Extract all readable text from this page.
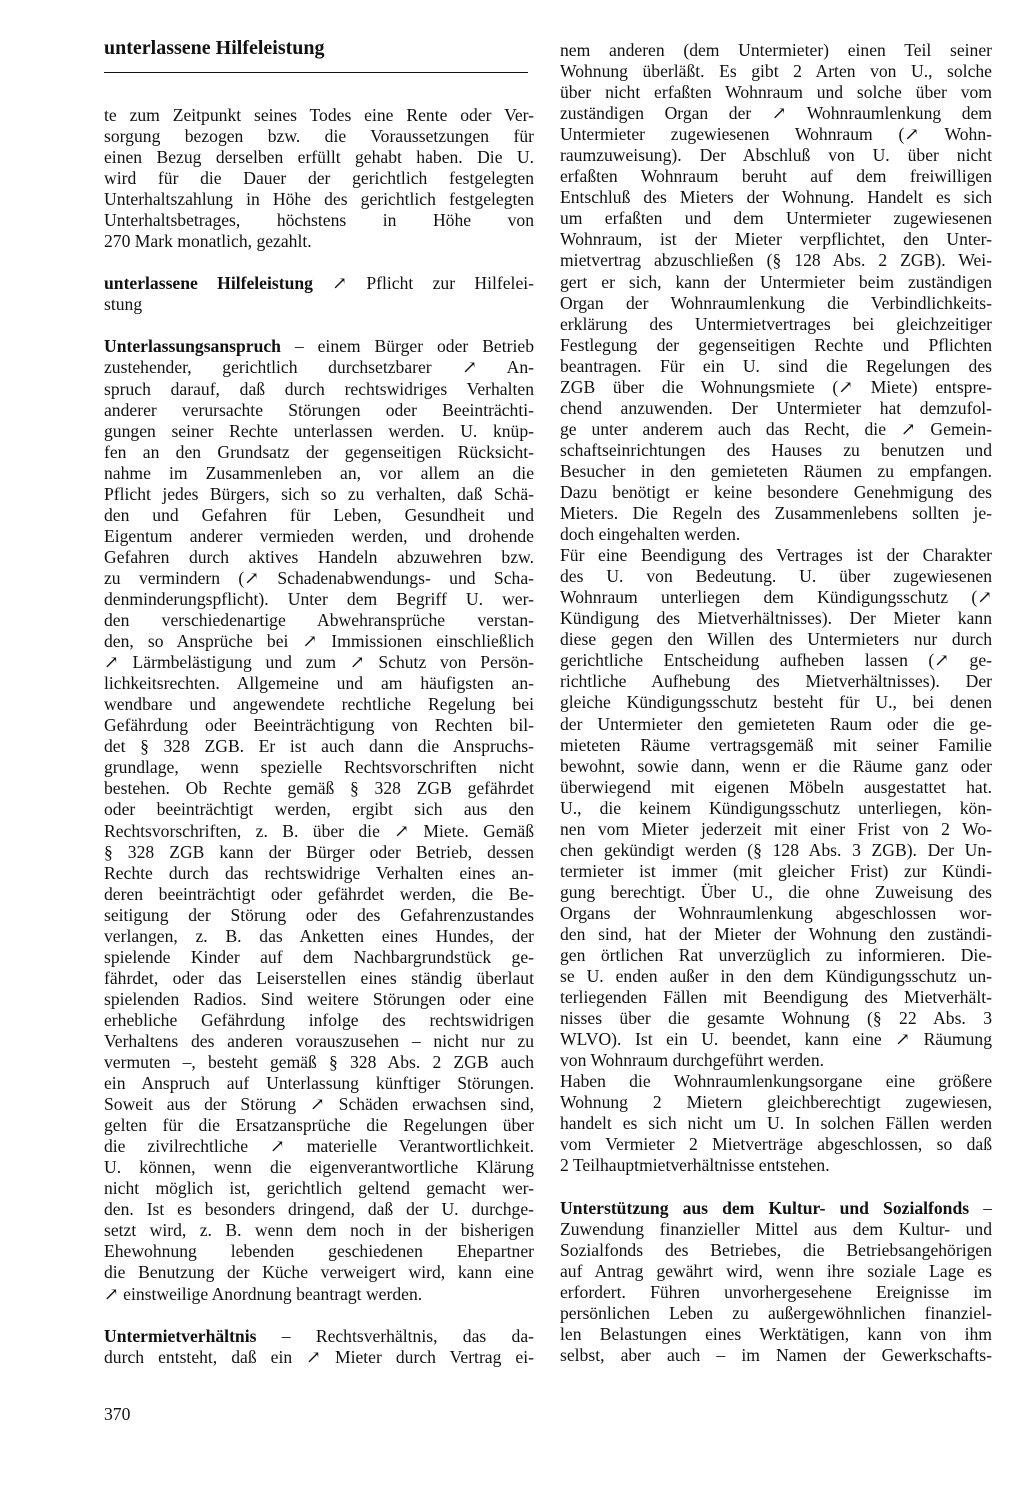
unterlassene Hilfeleistung
te zum Zeitpunkt seines Todes eine Rente oder Ver-
sorgung bezogen bzw. die Voraussetzungen für
einen Bezug derselben erfüllt gehabt haben. Die U.
wird für die Dauer der gerichtlich festgelegten
Unterhaltszahlung in Höhe des gerichtlich festgelegten
Unterhaltsbetrages, höchstens in Höhe von
270 Mark monatlich, gezahlt.
unterlassene Hilfeleistung ↗ Pflicht zur Hilfelei-
stung
Unterlassungsanspruch – einem Bürger oder Betrieb
zustehender, gerichtlich durchsetzbarer ↗ An-
spruch darauf, daß durch rechtswidriges Verhalten
anderer verursachte Störungen oder Beeinträchti-
gungen seiner Rechte unterlassen werden. U. knüp-
fen an den Grundsatz der gegenseitigen Rücksicht-
nahme im Zusammenleben an, vor allem an die
Pflicht jedes Bürgers, sich so zu verhalten, daß Schä-
den und Gefahren für Leben, Gesundheit und
Eigentum anderer vermieden werden, und drohende
Gefahren durch aktives Handeln abzuwehren bzw.
zu vermindern (↗ Schadenabwendungs- und Scha-
denminderungspflicht). Unter dem Begriff U. wer-
den verschiedenartige Abwehransprüche verstan-
den, so Ansprüche bei ↗ Immissionen einschließlich
↗ Lärmbelästigung und zum ↗ Schutz von Persön-
lichkeitsrechten. Allgemeine und am häufigsten an-
wendbare und angewendete rechtliche Regelung bei
Gefährdung oder Beeinträchtigung von Rechten bil-
det § 328 ZGB. Er ist auch dann die Anspruchs-
grundlage, wenn spezielle Rechtsvorschriften nicht
bestehen. Ob Rechte gemäß § 328 ZGB gefährdet
oder beeinträchtigt werden, ergibt sich aus den
Rechtsvorschriften, z. B. über die ↗ Miete. Gemäß
§ 328 ZGB kann der Bürger oder Betrieb, dessen
Rechte durch das rechtswidrige Verhalten eines an-
deren beeinträchtigt oder gefährdet werden, die Be-
seitigung der Störung oder des Gefahrenzustandes
verlangen, z. B. das Anketten eines Hundes, der
spielende Kinder auf dem Nachbargrundstück ge-
fährdet, oder das Leiserstellen eines ständig überlaut
spielenden Radios. Sind weitere Störungen oder eine
erhebliche Gefährdung infolge des rechtswidrigen
Verhaltens des anderen vorauszusehen – nicht nur zu
vermuten –, besteht gemäß § 328 Abs. 2 ZGB auch
ein Anspruch auf Unterlassung künftiger Störungen.
Soweit aus der Störung ↗ Schäden erwachsen sind,
gelten für die Ersatzansprüche die Regelungen über
die zivilrechtliche ↗ materielle Verantwortlichkeit.
U. können, wenn die eigenverantwortliche Klärung
nicht möglich ist, gerichtlich geltend gemacht wer-
den. Ist es besonders dringend, daß der U. durchge-
setzt wird, z. B. wenn dem noch in der bisherigen
Ehewohnung lebenden geschiedenen Ehepartner
die Benutzung der Küche verweigert wird, kann eine
↗ einstweilige Anordnung beantragt werden.
Untermietverhältnis – Rechtsverhältnis, das da-
durch entsteht, daß ein ↗ Mieter durch Vertrag ei-
nem anderen (dem Untermieter) einen Teil seiner
Wohnung überläßt. Es gibt 2 Arten von U., solche
über nicht erfaßten Wohnraum und solche über vom
zuständigen Organ der ↗ Wohnraumlenkung dem
Untermieter zugewiesenen Wohnraum (↗ Wohn-
raumzuweisung). Der Abschluß von U. über nicht
erfaßten Wohnraum beruht auf dem freiwilligen
Entschluß des Mieters der Wohnung. Handelt es sich
um erfaßten und dem Untermieter zugewiesenen
Wohnraum, ist der Mieter verpflichtet, den Unter-
mietvertrag abzuschließen (§ 128 Abs. 2 ZGB). Wei-
gert er sich, kann der Untermieter beim zuständigen
Organ der Wohnraumlenkung die Verbindlichkeits-
erklärung des Untermietvertrages bei gleichzeitiger
Festlegung der gegenseitigen Rechte und Pflichten
beantragen. Für ein U. sind die Regelungen des
ZGB über die Wohnungsmiete (↗ Miete) entspre-
chend anzuwenden. Der Untermieter hat demzufol-
ge unter anderem auch das Recht, die ↗ Gemein-
schaftseinrichtungen des Hauses zu benutzen und
Besucher in den gemieteten Räumen zu empfangen.
Dazu benötigt er keine besondere Genehmigung des
Mieters. Die Regeln des Zusammenlebens sollten je-
doch eingehalten werden.
Für eine Beendigung des Vertrages ist der Charakter
des U. von Bedeutung. U. über zugewiesenen
Wohnraum unterliegen dem Kündigungsschutz (↗
Kündigung des Mietverhältnisses). Der Mieter kann
diese gegen den Willen des Untermieters nur durch
gerichtliche Entscheidung aufheben lassen (↗ ge-
richtliche Aufhebung des Mietverhältnisses). Der
gleiche Kündigungsschutz besteht für U., bei denen
der Untermieter den gemieteten Raum oder die ge-
mieteten Räume vertragsgemäß mit seiner Familie
bewohnt, sowie dann, wenn er die Räume ganz oder
überwiegend mit eigenen Möbeln ausgestattet hat.
U., die keinem Kündigungsschutz unterliegen, kön-
nen vom Mieter jederzeit mit einer Frist von 2 Wo-
chen gekündigt werden (§ 128 Abs. 3 ZGB). Der Un-
termieter ist immer (mit gleicher Frist) zur Kündi-
gung berechtigt. Über U., die ohne Zuweisung des
Organs der Wohnraumlenkung abgeschlossen wor-
den sind, hat der Mieter der Wohnung den zuständi-
gen örtlichen Rat unverzüglich zu informieren. Die-
se U. enden außer in den dem Kündigungsschutz un-
terliegenden Fällen mit Beendigung des Mietverhält-
nisses über die gesamte Wohnung (§ 22 Abs. 3
WLVO). Ist ein U. beendet, kann eine ↗ Räumung
von Wohnraum durchgeführt werden.
Haben die Wohnraumlenkungsorgane eine größere
Wohnung 2 Mietern gleichberechtigt zugewiesen,
handelt es sich nicht um U. In solchen Fällen werden
vom Vermieter 2 Mietverträge abgeschlossen, so daß
2 Teilhauptmietverhältnisse entstehen.
Unterstützung aus dem Kultur- und Sozialfonds –
Zuwendung finanzieller Mittel aus dem Kultur- und
Sozialfonds des Betriebes, die Betriebsangehörigen
auf Antrag gewährt wird, wenn ihre soziale Lage es
erfordert. Führen unvorhergesehene Ereignisse im
persönlichen Leben zu außergewöhnlichen finanziel-
len Belastungen eines Werktätigen, kann von ihm
selbst, aber auch – im Namen der Gewerkschafts-
370
